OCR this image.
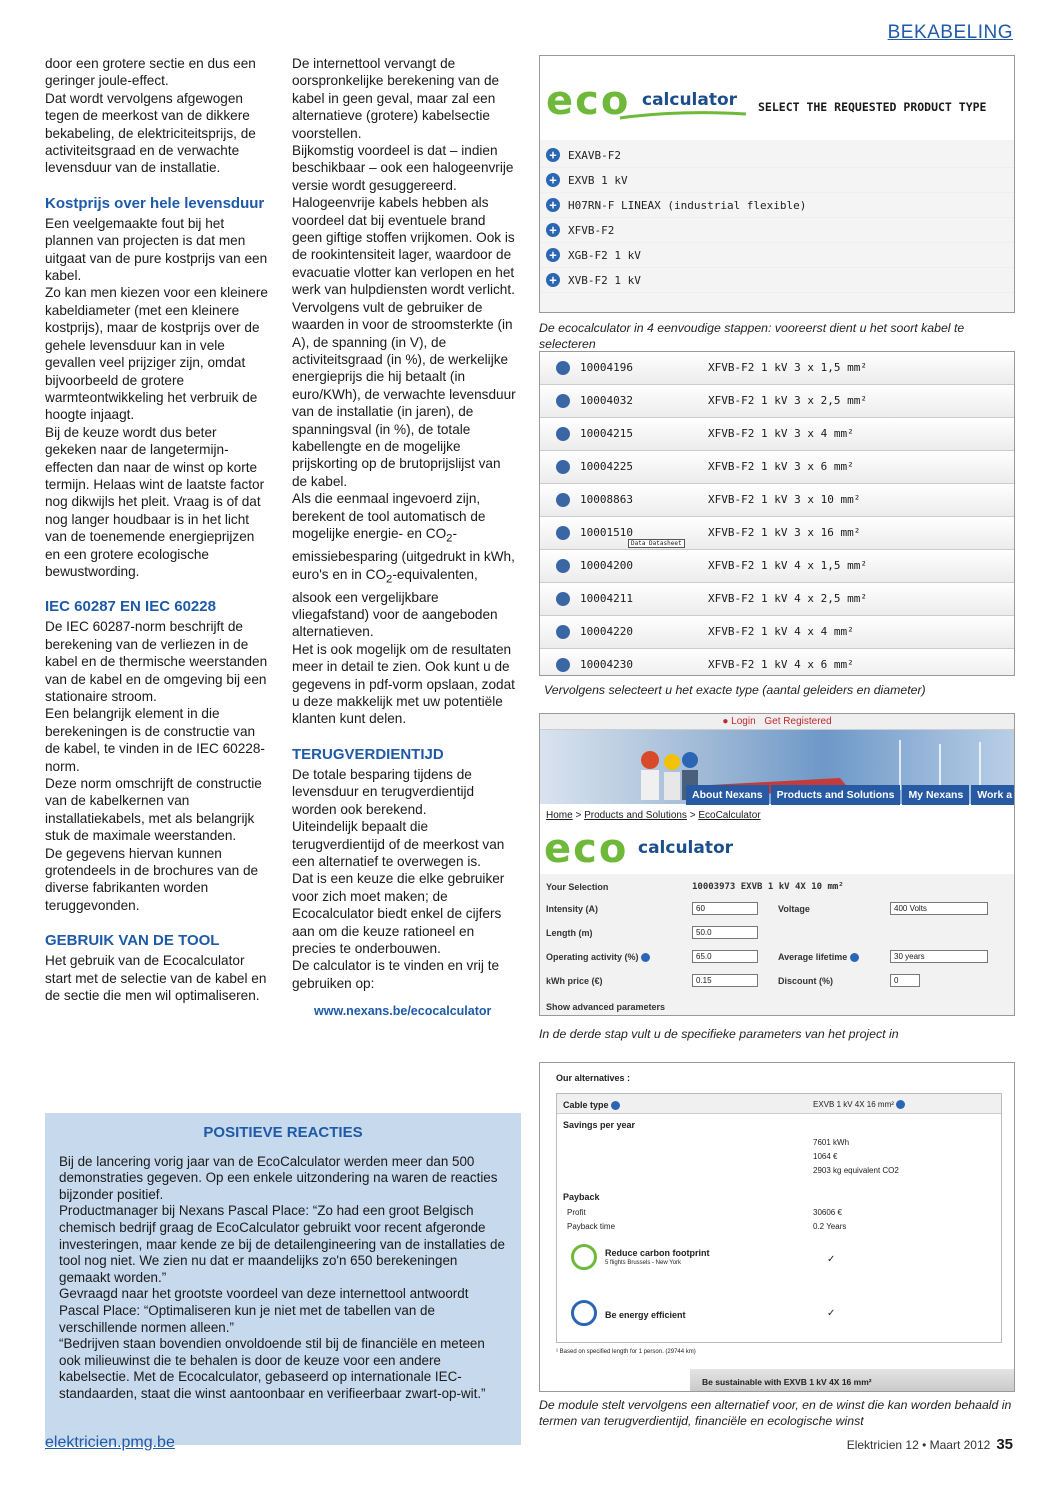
BEKABELING

door een grotere sectie en dus een geringer joule-effect.

Dat wordt vervolgens afgewogen tegen de meerkost van de dikkere bekabeling, de elektriciteitsprijs, de activiteitsgraad en de verwachte levensduur van de installatie.

Kostprijs over hele levensduur

Een veelgemaakte fout bij het plannen van projecten is dat men uitgaat van de pure kostprijs van een kabel.

Zo kan men kiezen voor een kleinere kabeldiameter (met een kleinere kostprijs), maar de kostprijs over de gehele levensduur kan in vele gevallen veel prijziger zijn, omdat bijvoorbeeld de grotere warmteontwikkeling het verbruik de hoogte injaagt.

Bij de keuze wordt dus beter gekeken naar de langetermijn-effecten dan naar de winst op korte termijn. Helaas wint de laatste factor nog dikwijls het pleit. Vraag is of dat nog langer houdbaar is in het licht van de toenemende energieprijzen en een grotere ecologische bewustwording.

IEC 60287 EN IEC 60228

De IEC 60287-norm beschrijft de berekening van de verliezen in de kabel en de thermische weerstanden van de kabel en de omgeving bij een stationaire stroom.

Een belangrijk element in die berekeningen is de constructie van de kabel, te vinden in de IEC 60228-norm.

Deze norm omschrijft de constructie van de kabelkernen van installatiekabels, met als belangrijk stuk de maximale weerstanden.

De gegevens hiervan kunnen grotendeels in de brochures van de diverse fabrikanten worden teruggevonden.

GEBRUIK VAN DE TOOL

Het gebruik van de Ecocalculator start met de selectie van de kabel en de sectie die men wil optimaliseren.

De internettool vervangt de oorspronkelijke berekening van de kabel in geen geval, maar zal een alternatieve (grotere) kabelsectie voorstellen.

Bijkomstig voordeel is dat – indien beschikbaar – ook een halogeenvrije versie wordt gesuggereerd.

Halogeenvrije kabels hebben als voordeel dat bij eventuele brand geen giftige stoffen vrijkomen. Ook is de rookintensiteit lager, waardoor de evacuatie vlotter kan verlopen en het werk van hulpdiensten wordt verlicht.

Vervolgens vult de gebruiker de waarden in voor de stroomsterkte (in A), de spanning (in V), de activiteitsgraad (in %), de werkelijke energieprijs die hij betaalt (in euro/KWh), de verwachte levensduur van de installatie (in jaren), de spanningsval (in %), de totale kabellengte en de mogelijke prijskorting op de brutoprijslijst van de kabel.

Als die eenmaal ingevoerd zijn, berekent de tool automatisch de mogelijke energie- en $CO_2$-emissiebesparing (uitgedrukt in kWh, euro's en in $CO_2$-equivalenten, alsook een vergelijkbare vliegafstand) voor de aangeboden alternatieven.

Het is ook mogelijk om de resultaten meer in detail te zien. Ook kunt u de gegevens in pdf-vorm opslaan, zodat u deze makkelijk met uw potentiële klanten kunt delen.

TERUGVERDIENTIJD

De totale besparing tijdens de levensduur en terugverdientijd worden ook berekend.

Uiteindelijk bepaalt die terugverdientijd of de meerkost van een alternatief te overwegen is.

Dat is een keuze die elke gebruiker voor zich moet maken; de Ecocalculator biedt enkel de cijfers aan om die keuze rationeel en precies te onderbouwen.

De calculator is te vinden en vrij te gebruiken op:

www.nexans.be/ecocalculator

POSITIEVE REACTIES

Bij de lancering vorig jaar van de EcoCalculator werden meer dan 500 demonstraties gegeven. Op een enkele uitzondering na waren de reacties bijzonder positief.

Productmanager bij Nexans Pascal Place: “Zo had een groot Belgisch chemisch bedrijf graag de EcoCalculator gebruikt voor recent afgeronde investeringen, maar kende ze bij de detailengineering van de installaties de tool nog niet. We zien nu dat er maandelijks zo'n 650 berekeningen gemaakt worden.”

Gevraagd naar het grootste voordeel van deze internettool antwoordt Pascal Place: “Optimaliseren kun je niet met de tabellen van de verschillende normen alleen.”

“Bedrijven staan bovendien onvoldoende stil bij de financiële en meteen ook milieuwinst die te behalen is door de keuze voor een andere kabelsectie. Met de Ecocalculator, gebaseerd op internationale IEC-standaarden, staat die winst aantoonbaar en verifieerbaar zwart-op-wit.”

eco calculator SELECT THE REQUESTED PRODUCT TYPE
+ EXAVB-F2
+ EXVB 1 kV
+ H07RN-F LINEAX (industrial flexible)
+ XFVB-F2
+ XGB-F2 1 kV
+ XVB-F2 1 kV
De ecocalculator in 4 eenvoudige stappen: vooreerst dient u het soort kabel te selecteren
10004196	XFVB-F2 1 kV 3 x 1,5 mm²
10004032	XFVB-F2 1 kV 3 x 2,5 mm²
10004215	XFVB-F2 1 kV 3 x 4 mm²
10004225	XFVB-F2 1 kV 3 x 6 mm²
10008863	XFVB-F2 1 kV 3 x 10 mm²
10001510	XFVB-F2 1 kV 3 x 16 mm²
Data Datasheet
10004200	XFVB-F2 1 kV 4 x 1,5 mm²
10004211	XFVB-F2 1 kV 4 x 2,5 mm²
10004220	XFVB-F2 1 kV 4 x 4 mm²
10004230	XFVB-F2 1 kV 4 x 6 mm²
Vervolgens selecteert u het exacte type (aantal geleiders en diameter)
● Login Get Registered
About Nexans Products and Solutions My Nexans Work a
Home > Products and Solutions > EcoCalculator
eco calculator
Your Selection	10003973 EXVB 1 kV 4X 10 mm²
Intensity (A)	60	Voltage	400 Volts
Length (m)	50.0
Operating activity (%)	65.0	Average lifetime	30 years
kWh price (€)	0.15	Discount (%)	0
Show advanced parameters
In de derde stap vult u de specifieke parameters van het project in
Our alternatives :
Cable type	EXVB 1 kV 4X 16 mm²
Savings per year
7601 kWh
1064 €
2903 kg equivalent CO2
Payback
Profit	30606 €
Payback time	0.2 Years
Reduce carbon footprint
5 flights Brussels - New York	✓
Be energy efficient	✓
¹ Based on specified length for 1 person. (29744 km)
Be sustainable with EXVB 1 kV 4X 16 mm²
De module stelt vervolgens een alternatief voor, en de winst die kan worden behaald in termen van terugverdientijd, financiële en ecologische winst
elektricien.pmg.be	Elektricien 12 • Maart 2012 35
